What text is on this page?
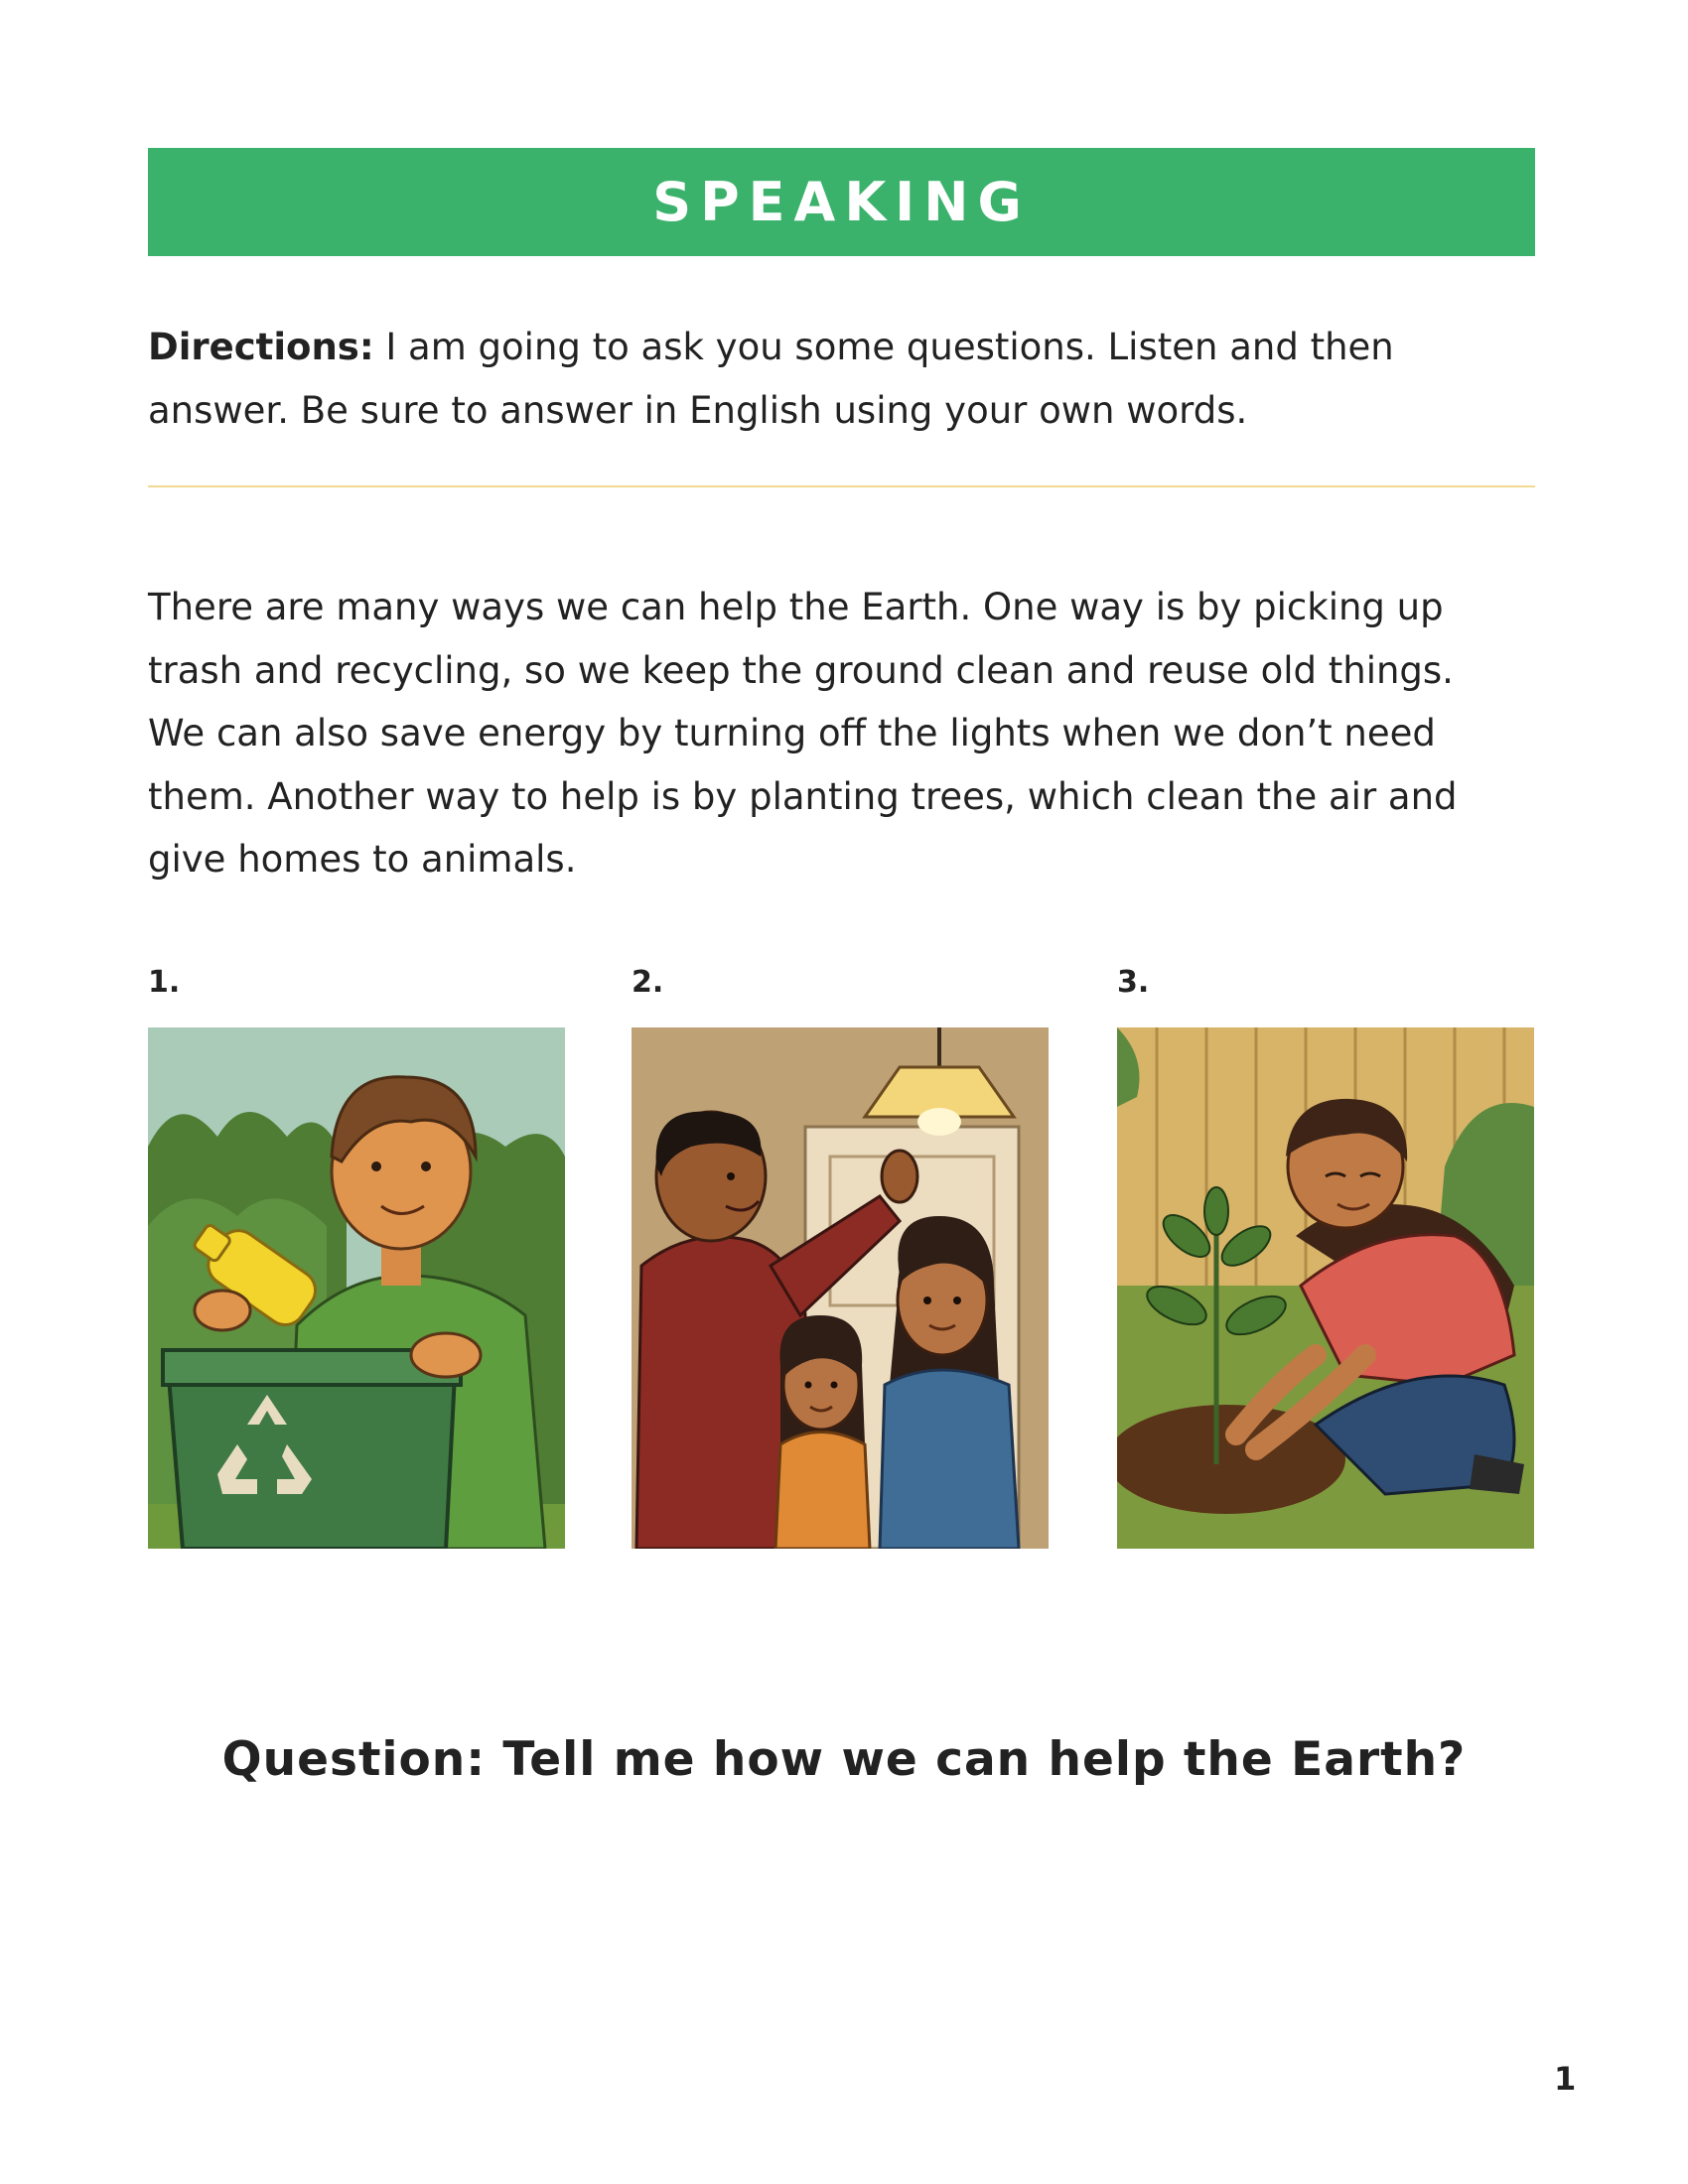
SPEAKING
Directions: I am going to ask you some questions. Listen and then answer. Be sure to answer in English using your own words.
There are many ways we can help the Earth. One way is by picking up
trash and recycling, so we keep the ground clean and reuse old things.
We can also save energy by turning off the lights when we don’t need
them. Another way to help is by planting trees, which clean the air and
give homes to animals.
1.	2.	3.
Question: Tell me how we can help the Earth?
1
